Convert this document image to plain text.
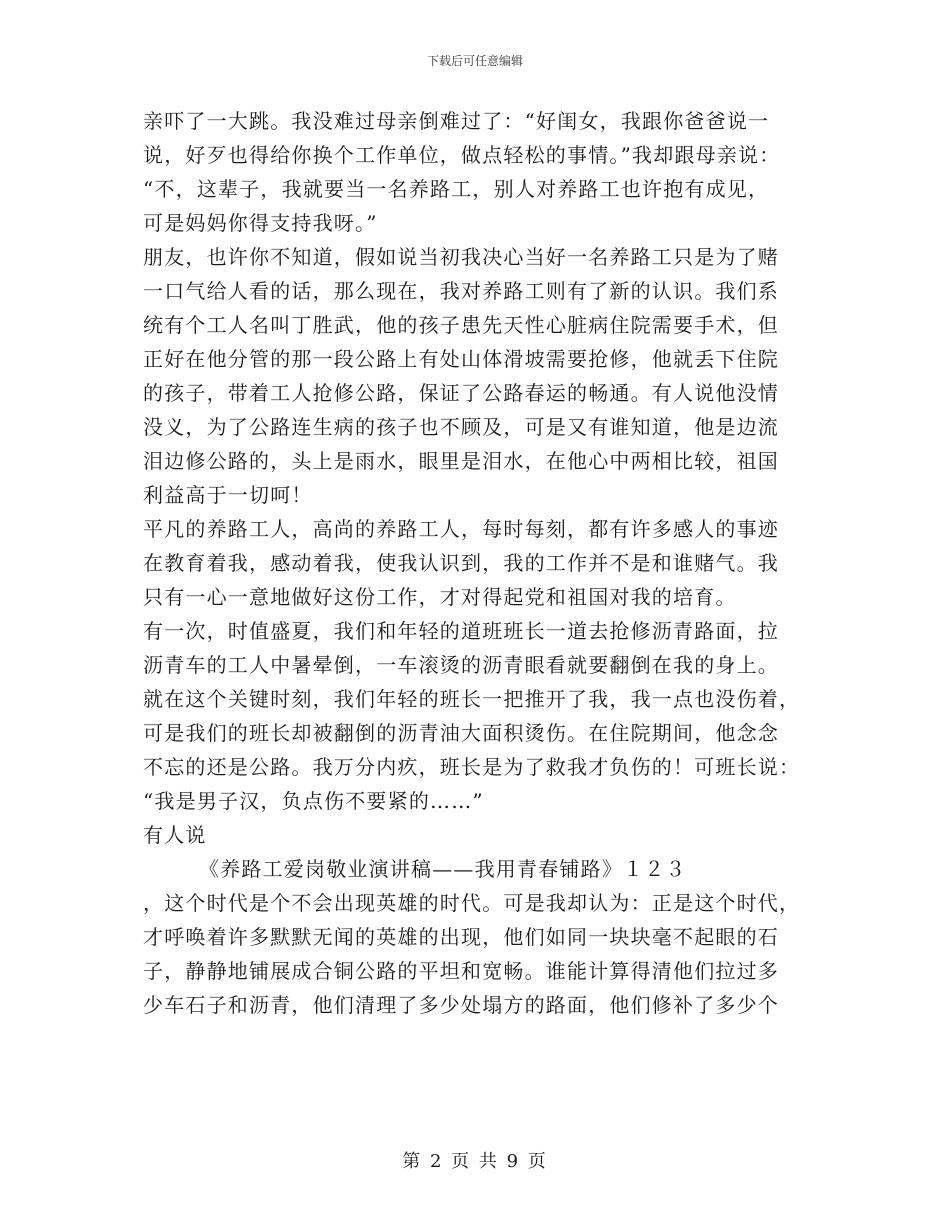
下载后可任意编辑
亲吓了一大跳。我没难过母亲倒难过了：“好闺女，我跟你爸爸说一
说，好歹也得给你换个工作单位，做点轻松的事情。”我却跟母亲说：
“不，这辈子，我就要当一名养路工，别人对养路工也许抱有成见，
可是妈妈你得支持我呀。”
朋友，也许你不知道，假如说当初我决心当好一名养路工只是为了赌
一口气给人看的话，那么现在，我对养路工则有了新的认识。我们系
统有个工人名叫丁胜武，他的孩子患先天性心脏病住院需要手术，但
正好在他分管的那一段公路上有处山体滑坡需要抢修，他就丢下住院
的孩子，带着工人抢修公路，保证了公路春运的畅通。有人说他没情
没义，为了公路连生病的孩子也不顾及，可是又有谁知道，他是边流
泪边修公路的，头上是雨水，眼里是泪水，在他心中两相比较，祖国
利益高于一切呵！
平凡的养路工人，高尚的养路工人，每时每刻，都有许多感人的事迹
在教育着我，感动着我，使我认识到，我的工作并不是和谁赌气。我
只有一心一意地做好这份工作，才对得起党和祖国对我的培育。
有一次，时值盛夏，我们和年轻的道班班长一道去抢修沥青路面，拉
沥青车的工人中暑晕倒，一车滚烫的沥青眼看就要翻倒在我的身上。
就在这个关键时刻，我们年轻的班长一把推开了我，我一点也没伤着，
可是我们的班长却被翻倒的沥青油大面积烫伤。在住院期间，他念念
不忘的还是公路。我万分内疚，班长是为了救我才负伤的！可班长说：
“我是男子汉，负点伤不要紧的……”
有人说
《养路工爱岗敬业演讲稿——我用青春铺路》１２３
，这个时代是个不会出现英雄的时代。可是我却认为：正是这个时代，
才呼唤着许多默默无闻的英雄的出现，他们如同一块块毫不起眼的石
子，静静地铺展成合铜公路的平坦和宽畅。谁能计算得清他们拉过多
少车石子和沥青，他们清理了多少处塌方的路面，他们修补了多少个
第 2 页 共 9 页
